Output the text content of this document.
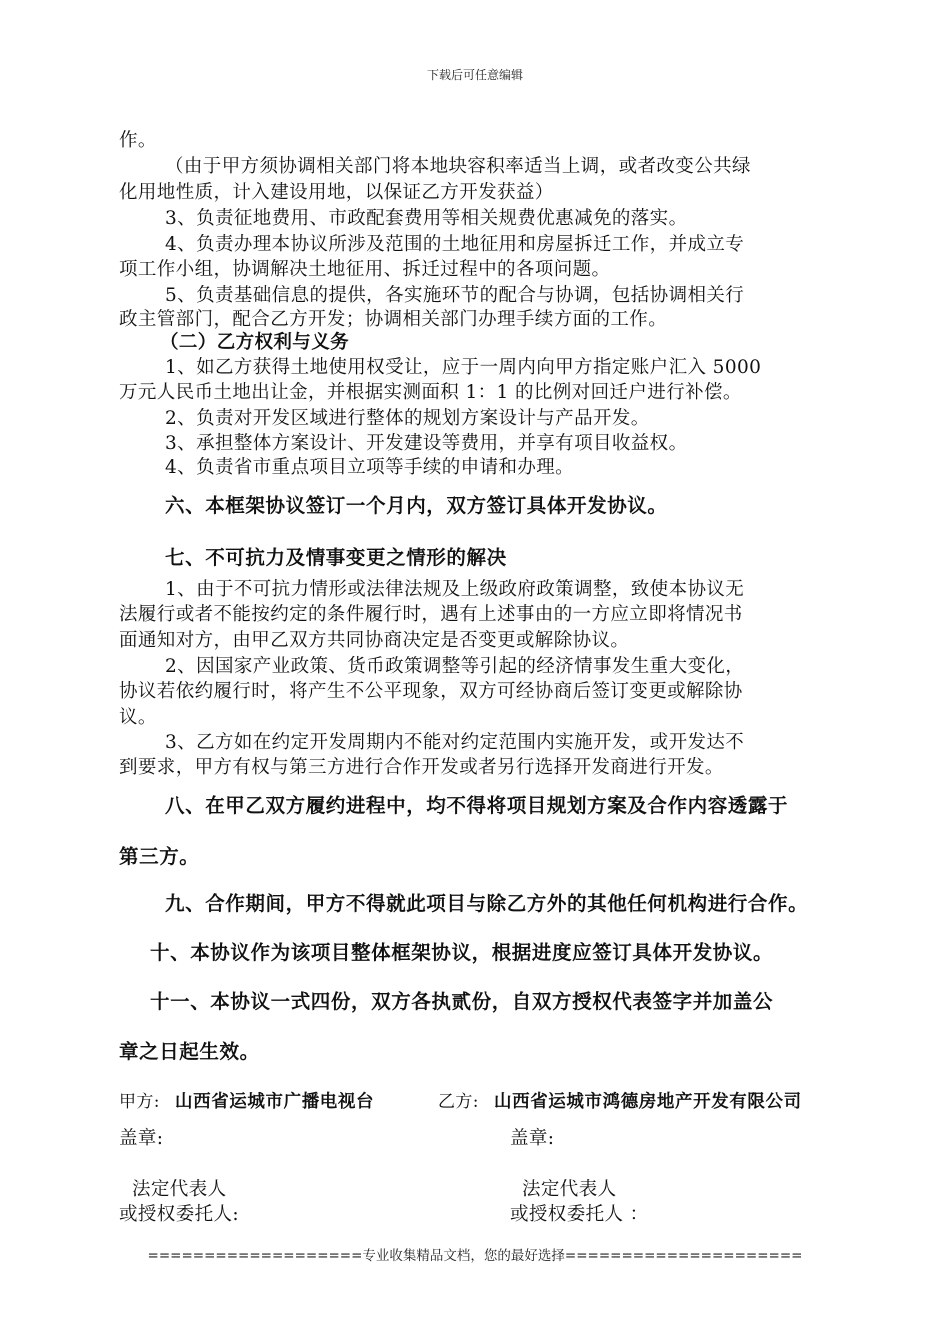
下载后可任意编辑
作。
（由于甲方须协调相关部门将本地块容积率适当上调，或者改变公共绿
化用地性质，计入建设用地，以保证乙方开发获益）
3、负责征地费用、市政配套费用等相关规费优惠减免的落实。
4、负责办理本协议所涉及范围的土地征用和房屋拆迁工作，并成立专
项工作小组，协调解决土地征用、拆迁过程中的各项问题。
5、负责基础信息的提供，各实施环节的配合与协调，包括协调相关行
政主管部门，配合乙方开发；协调相关部门办理手续方面的工作。
（二）乙方权利与义务
1、如乙方获得土地使用权受让，应于一周内向甲方指定账户汇入 5000
万元人民币土地出让金，并根据实测面积 1：1 的比例对回迁户进行补偿。
2、负责对开发区域进行整体的规划方案设计与产品开发。
3、承担整体方案设计、开发建设等费用，并享有项目收益权。
4、负责省市重点项目立项等手续的申请和办理。
六、本框架协议签订一个月内，双方签订具体开发协议。
七、不可抗力及情事变更之情形的解决
1、由于不可抗力情形或法律法规及上级政府政策调整，致使本协议无
法履行或者不能按约定的条件履行时，遇有上述事由的一方应立即将情况书
面通知对方，由甲乙双方共同协商决定是否变更或解除协议。
2、因国家产业政策、货币政策调整等引起的经济情事发生重大变化，
协议若依约履行时，将产生不公平现象，双方可经协商后签订变更或解除协
议。
3、乙方如在约定开发周期内不能对约定范围内实施开发，或开发达不
到要求，甲方有权与第三方进行合作开发或者另行选择开发商进行开发。
八、在甲乙双方履约进程中，均不得将项目规划方案及合作内容透露于
第三方。
九、合作期间，甲方不得就此项目与除乙方外的其他任何机构进行合作。
十、本协议作为该项目整体框架协议，根据进度应签订具体开发协议。
十一、本协议一式四份，双方各执贰份，自双方授权代表签字并加盖公
章之日起生效。
甲方: 山西省运城市广播电视台	乙方: 山西省运城市鸿德房地产开发有限公司
盖章:	盖章:
法定代表人	法定代表人
或授权委托人:	或授权委托人 ：
===================专业收集精品文档，您的最好选择=====================
